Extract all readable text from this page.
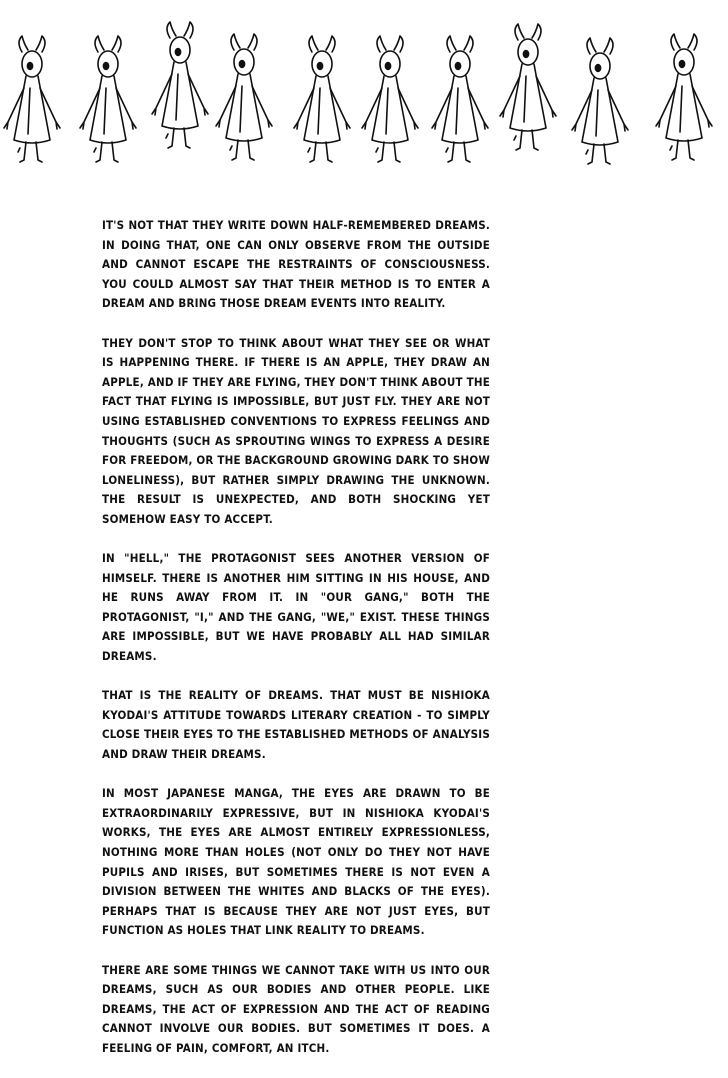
IT'S NOT THAT THEY WRITE DOWN HALF-REMEMBERED DREAMS. IN DOING THAT, ONE CAN ONLY OBSERVE FROM THE OUTSIDE AND CANNOT ESCAPE THE RESTRAINTS OF CONSCIOUSNESS. YOU COULD ALMOST SAY THAT THEIR METHOD IS TO ENTER A DREAM AND BRING THOSE DREAM EVENTS INTO REALITY.

THEY DON'T STOP TO THINK ABOUT WHAT THEY SEE OR WHAT IS HAPPENING THERE. IF THERE IS AN APPLE, THEY DRAW AN APPLE, AND IF THEY ARE FLYING, THEY DON'T THINK ABOUT THE FACT THAT FLYING IS IMPOSSIBLE, BUT JUST FLY. THEY ARE NOT USING ESTABLISHED CONVENTIONS TO EXPRESS FEELINGS AND THOUGHTS (SUCH AS SPROUTING WINGS TO EXPRESS A DESIRE FOR FREEDOM, OR THE BACKGROUND GROWING DARK TO SHOW LONELINESS), BUT RATHER SIMPLY DRAWING THE UNKNOWN. THE RESULT IS UNEXPECTED, AND BOTH SHOCKING YET SOMEHOW EASY TO ACCEPT.

IN "HELL," THE PROTAGONIST SEES ANOTHER VERSION OF HIMSELF. THERE IS ANOTHER HIM SITTING IN HIS HOUSE, AND HE RUNS AWAY FROM IT. IN "OUR GANG," BOTH THE PROTAGONIST, "I," AND THE GANG, "WE," EXIST. THESE THINGS ARE IMPOSSIBLE, BUT WE HAVE PROBABLY ALL HAD SIMILAR DREAMS.

THAT IS THE REALITY OF DREAMS. THAT MUST BE NISHIOKA KYODAI'S ATTITUDE TOWARDS LITERARY CREATION - TO SIMPLY CLOSE THEIR EYES TO THE ESTABLISHED METHODS OF ANALYSIS AND DRAW THEIR DREAMS.

IN MOST JAPANESE MANGA, THE EYES ARE DRAWN TO BE EXTRAORDINARILY EXPRESSIVE, BUT IN NISHIOKA KYODAI'S WORKS, THE EYES ARE ALMOST ENTIRELY EXPRESSIONLESS, NOTHING MORE THAN HOLES (NOT ONLY DO THEY NOT HAVE PUPILS AND IRISES, BUT SOMETIMES THERE IS NOT EVEN A DIVISION BETWEEN THE WHITES AND BLACKS OF THE EYES). PERHAPS THAT IS BECAUSE THEY ARE NOT JUST EYES, BUT FUNCTION AS HOLES THAT LINK REALITY TO DREAMS.

THERE ARE SOME THINGS WE CANNOT TAKE WITH US INTO OUR DREAMS, SUCH AS OUR BODIES AND OTHER PEOPLE. LIKE DREAMS, THE ACT OF EXPRESSION AND THE ACT OF READING CANNOT INVOLVE OUR BODIES. BUT SOMETIMES IT DOES. A FEELING OF PAIN, COMFORT, AN ITCH.
